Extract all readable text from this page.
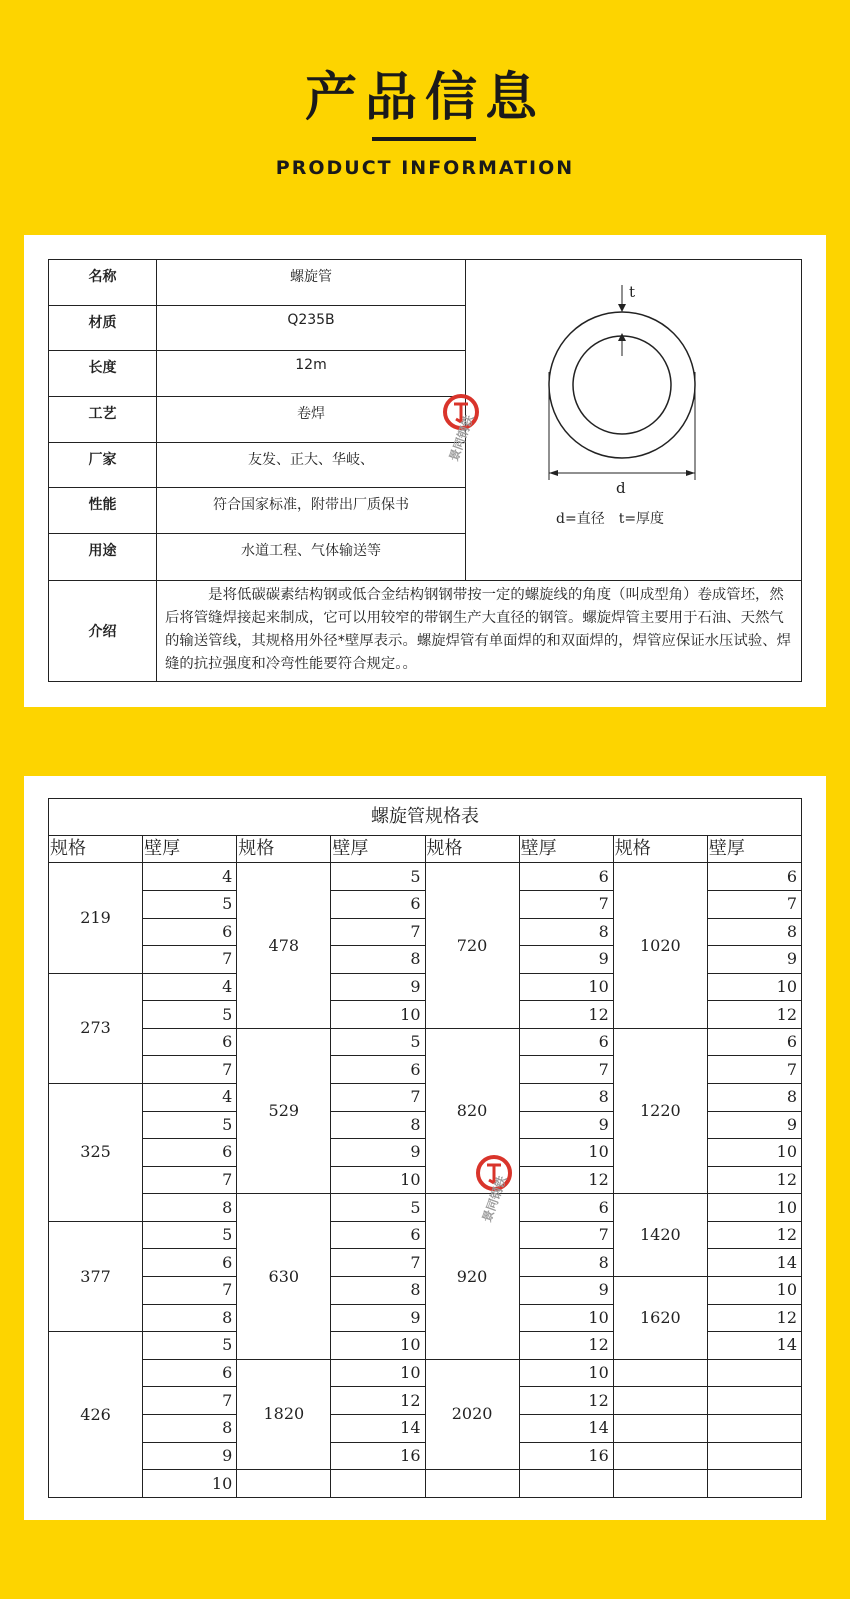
产品信息
PRODUCT INFORMATION
名称	螺旋管	t
d
d=直径　t=厚度

材质	Q235B	
长度	12m	
工艺	卷焊	
厂家	友发、正大、华岐、	
性能	符合国家标准，附带出厂质保书	
用途	水道工程、气体输送等	
介绍	　　　是将低碳碳素结构钢或低合金结构钢钢带按一定的螺旋线的角度（叫成型角）卷成管坯，然后将管缝焊接起来制成，它可以用较窄的带钢生产大直径的钢管。螺旋焊管主要用于石油、天然气的输送管线，其规格用外径*壁厚表示。螺旋焊管有单面焊的和双面焊的，焊管应保证水压试验、焊缝的抗拉强度和冷弯性能要符合规定。。	
景同钢铁
螺旋管规格表							
规格	壁厚	规格	壁厚	规格	壁厚	规格	壁厚
219	4	478	5	720	6	1020	6
	5		6		7		7
	6		7		8		8
	7		8		9		9
273	4		9		10		10
	5		10		12		12
	6	529	5	820	6	1220	6
	7		6		7		7
325	4		7		8		8
	5		8		9		9
	6		9		10		10
	7		10		12		12
	8	630	5	920	6	1420	10
377	5		6		7		12
	6		7		8		14
	7		8		9	1620	10
	8		9		10		12
426	5		10		12		14
	6	1820	10	2020	10		
	7		12		12		
	8		14		14		
	9		16		16		
	10						
景同钢铁
